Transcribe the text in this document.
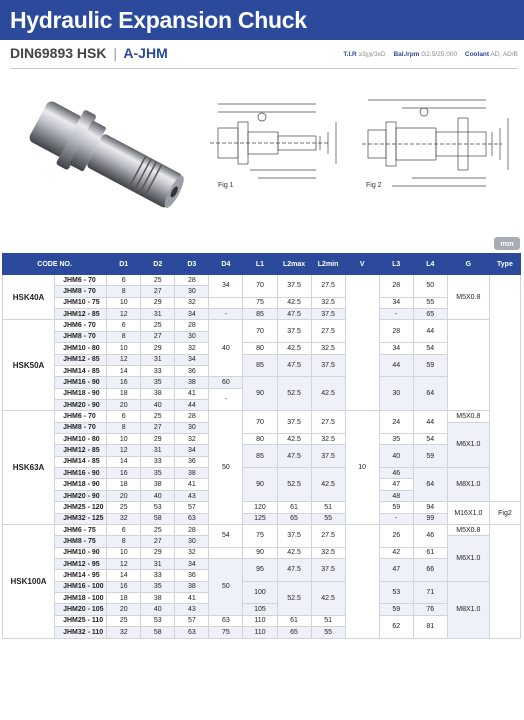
Hydraulic Expansion Chuck
DIN69893 HSK | A-JHM	T.I.R ≥3㎛/3xD Bal./rpm G2.5/25,000 Coolant AD, AD/B
Fig 1	Fig 2
mm
CODE NO.		D1	D2	D3	D4	L1	L2max	L2min	V	L3	L4	G	Type
HSK40A	JHM6 - 70	6	25	28	34	70	37.5	27.5		28	50	M5X0.8	
	JHM8 - 70	8	27	30									
	JHM10 - 75	10	29	32		75	42.5	32.5		34	55		
	JHM12 - 85	12	31	34	-	85	47.5	37.5		-	65		
HSK50A	JHM6 - 70	6	25	28	40	70	37.5	27.5		28	44		
	JHM8 - 70	8	27	30									
	JHM10 - 80	10	29	32		80	42.5	32.5		34	54		
	JHM12 - 85	12	31	34		85	47.5	37.5		44	59		
	JHM14 - 85	14	33	36									
	JHM16 - 90	16	35	38	60	90	52.5	42.5		30	64		
	JHM18 - 90	18	38	41	-								
	JHM20 - 90	20	40	44									
HSK63A	JHM6 - 70	6	25	28	50	70	37.5	27.5	10	24	44	M5X0.8	
	JHM8 - 70	8	27	30								M6X1.0	
	JHM10 - 80	10	29	32		80	42.5	32.5		35	54		
	JHM12 - 85	12	31	34		85	47.5	37.5		40	59		
	JHM14 - 85	14	33	36									
	JHM16 - 90	16	35	38		90	52.5	42.5		46	64	M8X1.0	
	JHM18 - 90	18	38	41						47			
	JHM20 - 90	20	40	43						48			
	JHM25 - 120	25	53	57		120	61	51		59	94	M16X1.0	Fig2
	JHM32 - 125	32	58	63		125	65	55		-	99		
HSK100A	JHM6 - 75	6	25	28	54	75	37.5	27.5		26	46	M5X0.8	
	JHM8 - 75	8	27	30								M6X1.0	
	JHM10 - 90	10	29	32		90	42.5	32.5		42	61		
	JHM12 - 95	12	31	34	50	95	47.5	37.5		47	66		
	JHM14 - 95	14	33	36									
	JHM16 - 100	16	35	38		100	52.5	42.5		53	71	M8X1.0	
	JHM18 - 100	18	38	41									
	JHM20 - 105	20	40	43		105				59	76		
	JHM25 - 110	25	53	57	63	110	61	51		62	81		
	JHM32 - 110	32	58	63	75	110	65	55					
